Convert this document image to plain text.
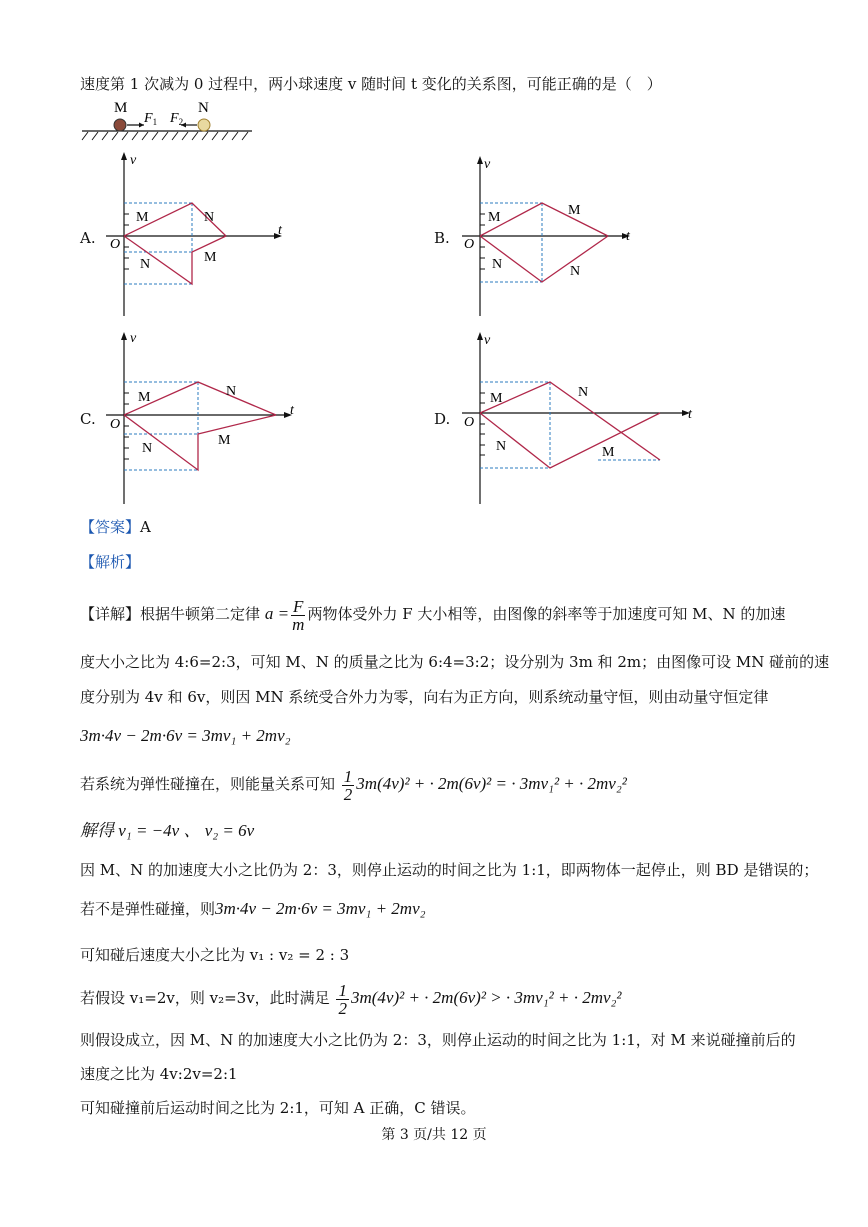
速度第 1 次减为 0 过程中，两小球速度 v 随时间 t 变化的关系图，可能正确的是（　）
M	N
$F_1$ $F_2$
A.
v
t
O
M	N
N	M
B.
v
t
O
M	M
N	N
C.
v
t
O
M	N
N
M
D.
v
t
O
M	N
N	M
【答案】A
【解析】
【详解】根据牛顿第二定律 $a = \frac{F}{m}$ 两物体受外力 F 大小相等，由图像的斜率等于加速度可知 M、N 的加速
度大小之比为 4:6=2:3，可知 M、N 的质量之比为 6:4=3:2；设分别为 3m 和 2m；由图像可设 MN 碰前的速
度分别为 4v 和 6v，则因 MN 系统受合外力为零，向右为正方向，则系统动量守恒，则由动量守恒定律
3m·4v − 2m·6v = 3mv₁ + 2mv₂
若系统为弹性碰撞在，则能量关系可知 $\frac{1}{2} 3m(4v)^2$ + · 2m(6v)² = · 3mv₁² + · 2mv₂²
解得 v₁ = −4v 、 v₂ = 6v
因 M、N 的加速度大小之比仍为 2：3，则停止运动的时间之比为 1:1，即两物体一起停止，则 BD 是错误的；
若不是弹性碰撞，则3m·4v − 2m·6v = 3mv₁ + 2mv₂
可知碰后速度大小之比为 v₁ : v₂ = 2 : 3
若假设 v₁=2v，则 v₂=3v，此时满足 $\frac{1}{2} 3m(4v)^2$ + · 2m(6v)² > · 3mv₁² + · 2mv₂²
则假设成立，因 M、N 的加速度大小之比仍为 2：3，则停止运动的时间之比为 1:1，对 M 来说碰撞前后的
速度之比为 4v:2v=2:1
可知碰撞前后运动时间之比为 2:1，可知 A 正确，C 错误。
第 3 页/共 12 页
